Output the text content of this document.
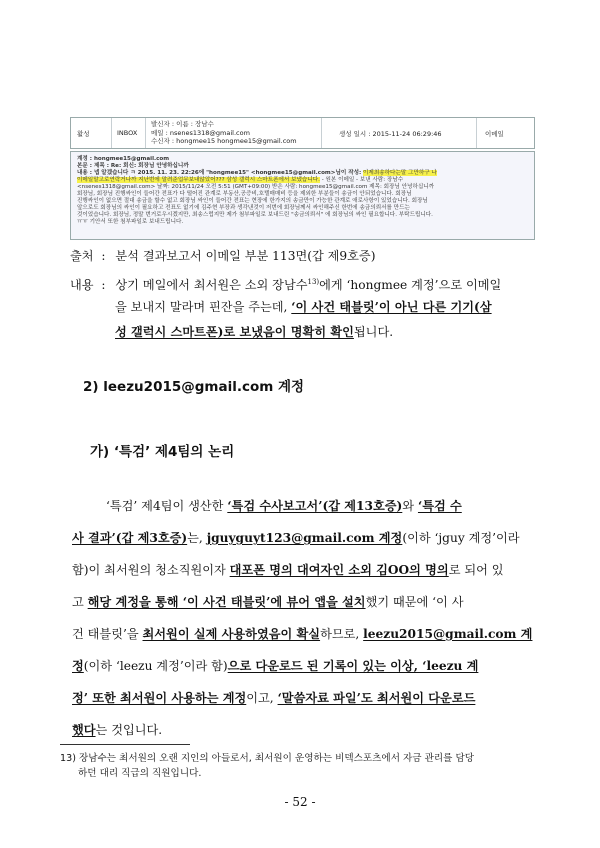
활성	INBOX
발신자 : 이름 : 장남수
메일 : nsenes1318@gmail.com
수신자 : hongmee15 hongmee15@gmail.com
생성 일시 : 2015-11-24 06:29:46	이메일
계정 : hongmee15@gmail.com
본문 : 제목 : Re: 회신: 회장님 안녕하십니까
내용 : 넵 알겠습니다 ㅋ 2015. 11. 23. 22:26에 "hongmee15" <hongmee15@gmail.com>님이 작성: 이제최송하다는말 그만하구 나
이메일말고로연락거나까 지난번에 말려준업무보내않았어??? 삼성 갤럭시 스마트폰에서 보냈습니다. - 원본 이메일 - 보낸 사람: 장남수
<nsenes1318@gmail.com> 날짜: 2015/11/24 오전 5:51 (GMT+09:00) 받은 사람: hongmee15@gmail.com 제목: 회장님 안녕하십니까
회장님, 회장님 진행싸인이 들어간 전표가 다 떨어진 관계로 부동산,공증비,호텔매매비 등을 제외한 부분들이 송금이 안되었습니다. 회장님
진행싸인이 없으면 절대 송금을 할수 없고 회장님 싸인이 들어간 전표는 현장에 한가지의 송금만이 가능한 관계로 애로사항이 있었습니다. 회장님
앞으로도 회장님의 싸인이 필요하고 전표도 없기에 김주현 부장과 생각낸것이 저번에 회장님께서 싸인해주신 한번에 송금의뢰서를 만드는
것이었습니다. 회장님, 정말 번거로우시겠지만, 최송스럽지만 제가 첨부파일로 보내드린 "송금의뢰서" 에 회장님의 싸인 필요합니다. 부탁드립니다.
ㅠㅠ 기안서 또한 첨부파일로 보내드립니다.
출처 : 분석 결과보고서 이메일 부분 113면(갑 제9호증)
내용 : 상기 메일에서 최서원은 소외 장남수$^{13)}$에게 ‘hongmee 계정’으로 이메일
을 보내지 말라며 핀잔을 주는데, ‘이 사건 태블릿’이 아닌 다른 기기(삼
성 갤럭시 스마트폰)로 보냈음이 명확히 확인됩니다.
2) leezu2015@gmail.com 계정
가) ‘특검’ 제4팀의 논리
‘특검’ 제4팀이 생산한 ‘특검 수사보고서’(갑 제13호증)와 ‘특검 수
사 결과’(갑 제3호증)는, jguyguyt123@gmail.com 계정(이하 ‘jguy 계정’이라
함)이 최서원의 청소직원이자 대포폰 명의 대여자인 소외 김OO의 명의로 되어 있
고 해당 계정을 통해 ‘이 사건 태블릿’에 뷰어 앱을 설치했기 때문에 ‘이 사
건 태블릿’을 최서원이 실제 사용하였음이 확실하므로, leezu2015@gmail.com 계
정(이하 ‘leezu 계정’이라 함)으로 다운로드 된 기록이 있는 이상, ‘leezu 계
정’ 또한 최서원이 사용하는 계정이고, ‘말씀자료 파일’도 최서원이 다운로드
했다는 것입니다.
13) 장남수는 최서원의 오랜 지인의 아들로서, 최서원이 운영하는 비덱스포츠에서 자금 관리를 담당
하던 대리 직급의 직원입니다.
- 52 -
